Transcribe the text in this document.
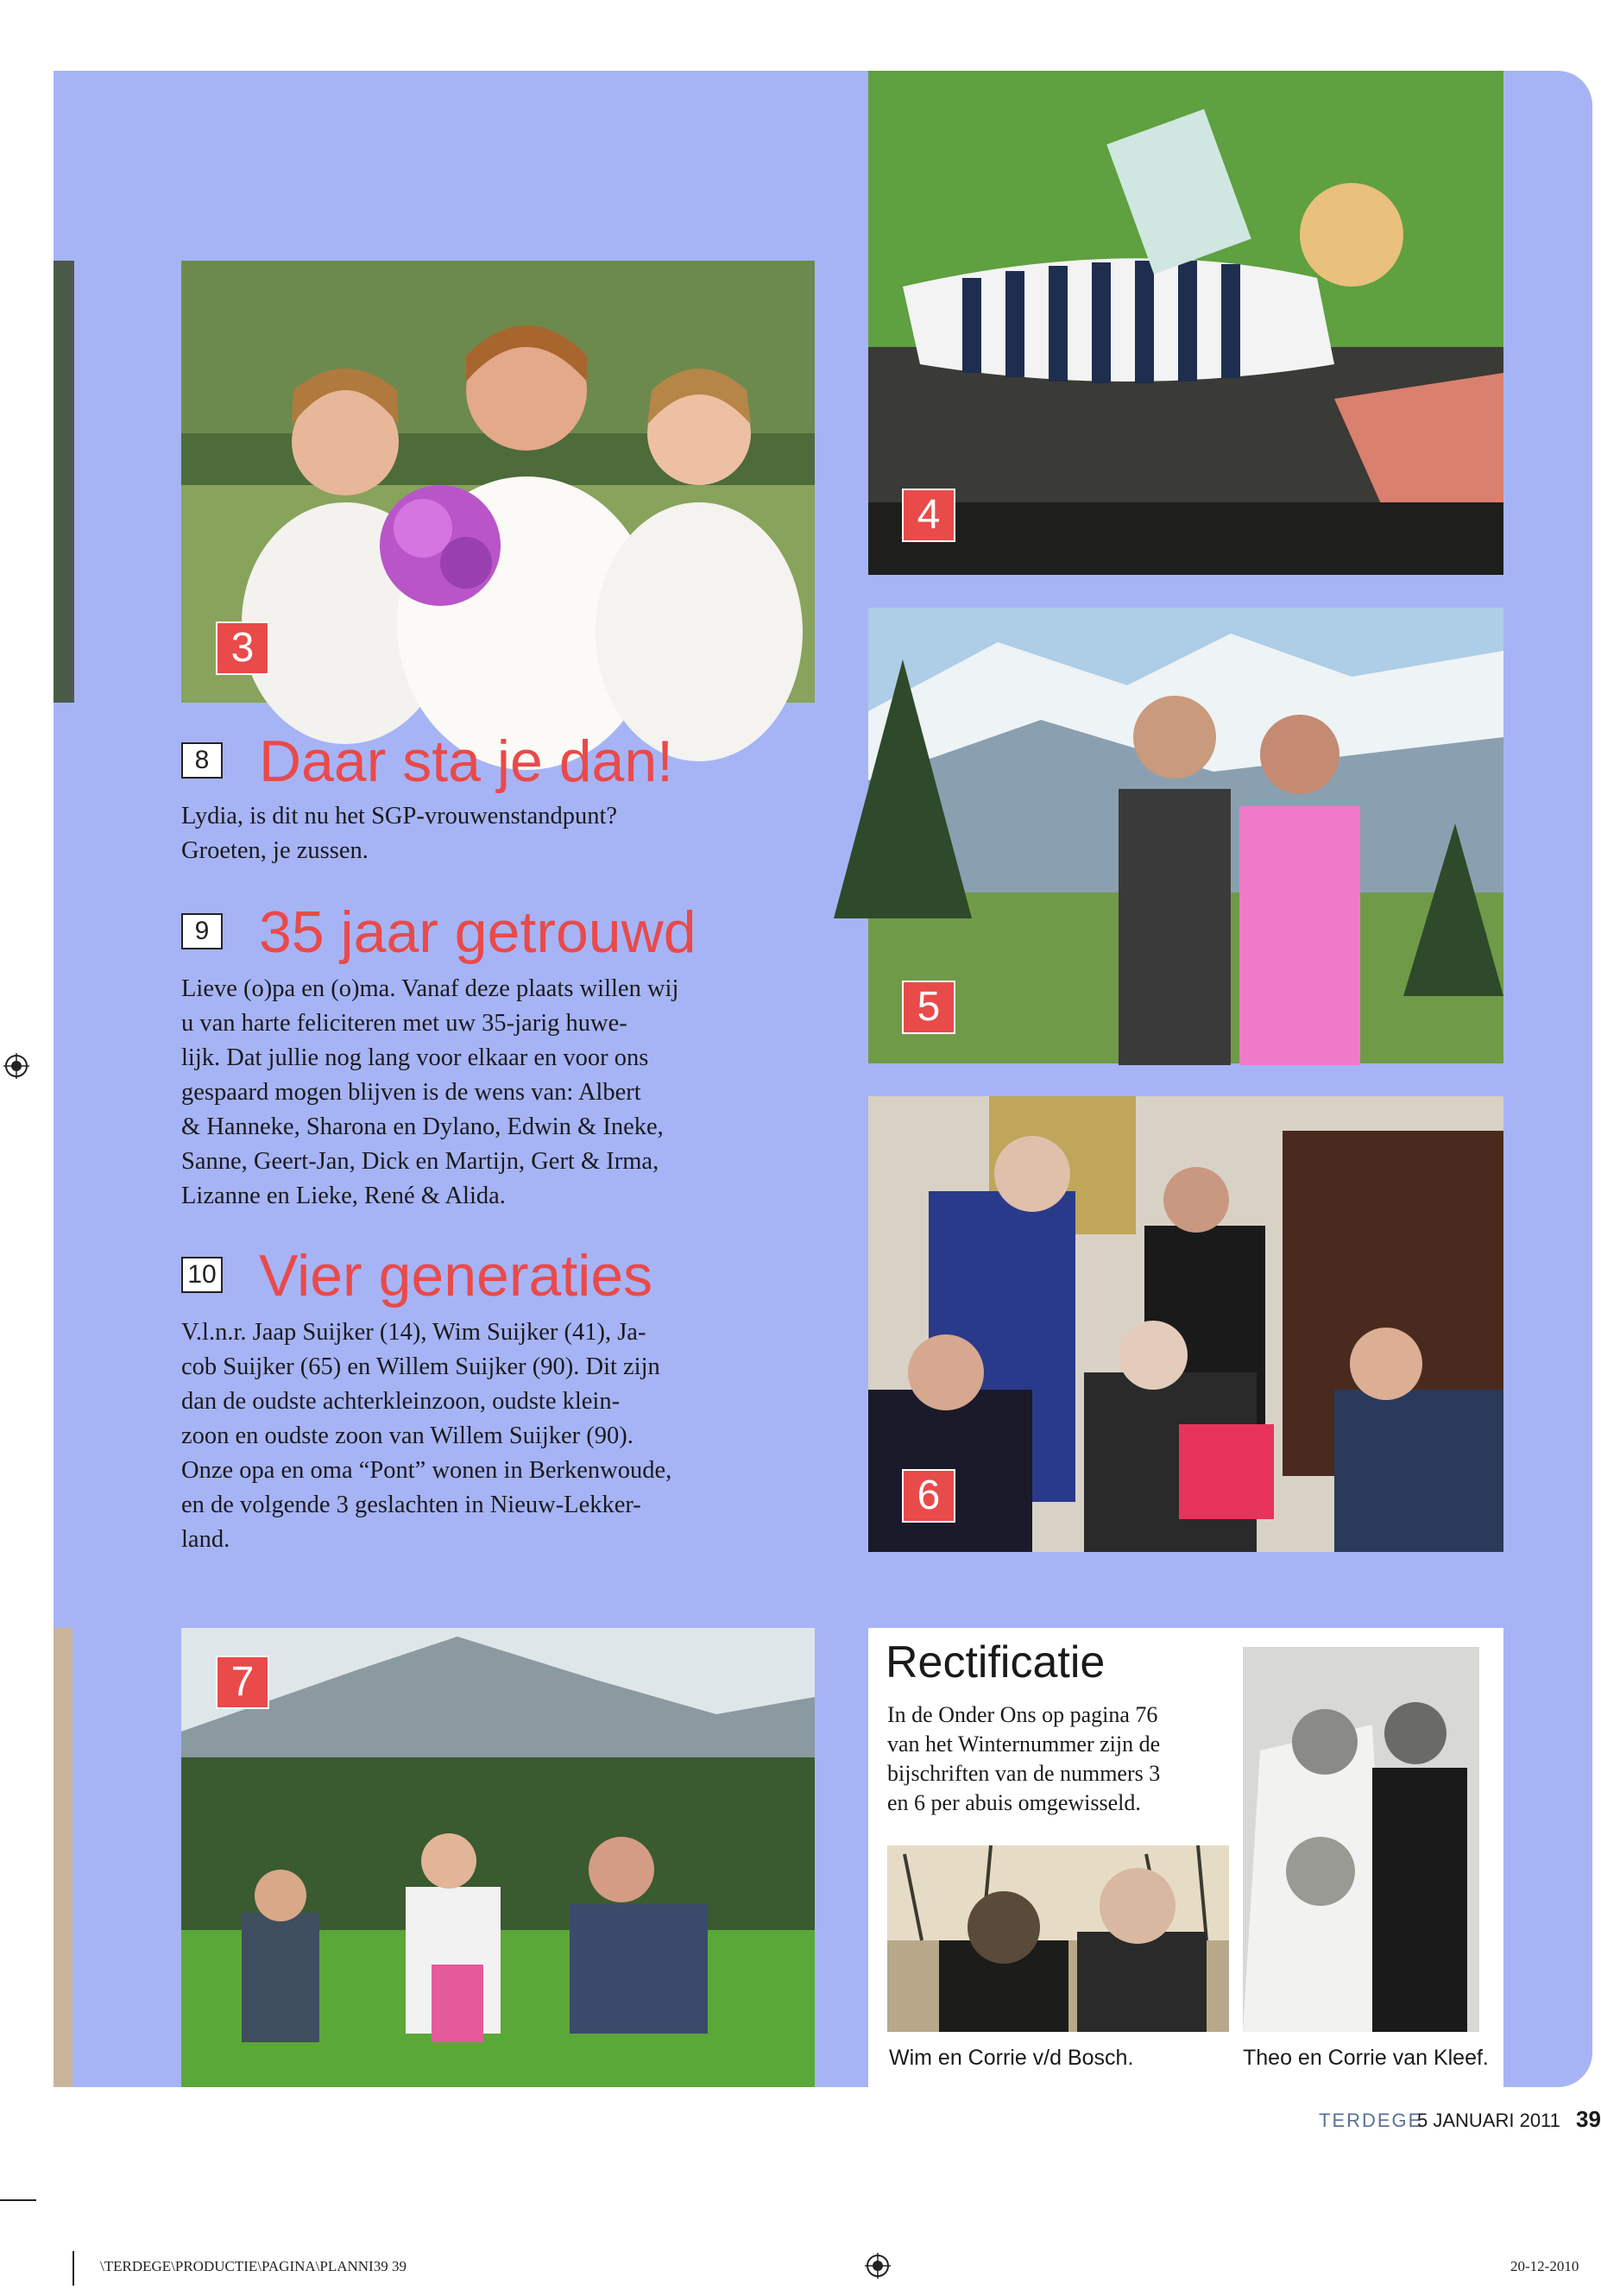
3
4
5
6
7
8 Daar sta je dan!
Lydia, is dit nu het SGP-vrouwenstandpunt?
Groeten, je zussen.
9 35 jaar getrouwd
Lieve (o)pa en (o)ma. Vanaf deze plaats willen wij
u van harte feliciteren met uw 35-jarig huwe-
lijk. Dat jullie nog lang voor elkaar en voor ons
gespaard mogen blijven is de wens van: Albert
& Hanneke, Sharona en Dylano, Edwin & Ineke,
Sanne, Geert-Jan, Dick en Martijn, Gert & Irma,
Lizanne en Lieke, René & Alida.
10 Vier generaties
V.l.n.r. Jaap Suijker (14), Wim Suijker (41), Ja-
cob Suijker (65) en Willem Suijker (90). Dit zijn
dan de oudste achterkleinzoon, oudste klein-
zoon en oudste zoon van Willem Suijker (90).
Onze opa en oma “Pont” wonen in Berkenwoude,
en de volgende 3 geslachten in Nieuw-Lekker-
land.
Rectificatie
In de Onder Ons op pagina 76
van het Winternummer zijn de
bijschriften van de nummers 3
en 6 per abuis omgewisseld.
Wim en Corrie v/d Bosch.	Theo en Corrie van Kleef.
TERDEGE
5 JANUARI 2011 39
\TERDEGE\PRODUCTIE\PAGINA\PLANNI39 39	20-12-2010
